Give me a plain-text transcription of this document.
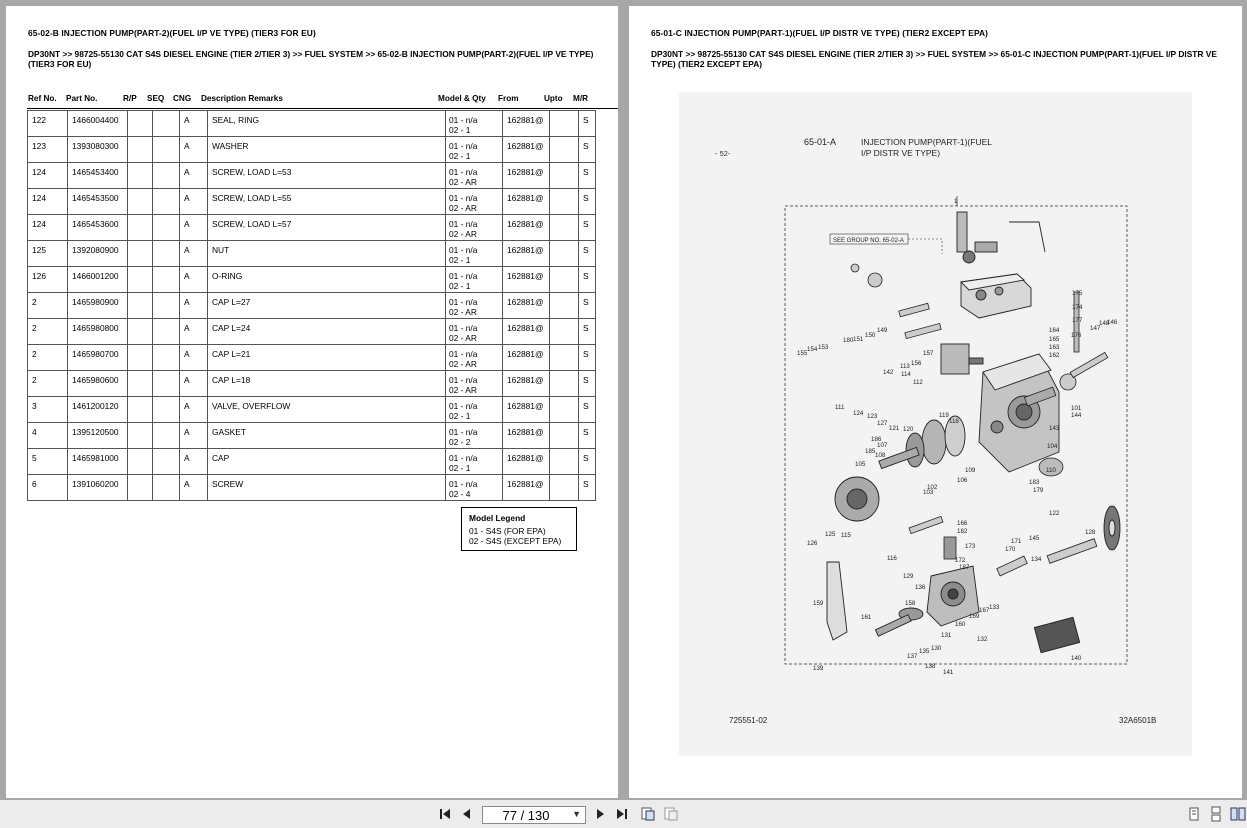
65-02-B INJECTION PUMP(PART-2)(FUEL I/P VE TYPE) (TIER3 FOR EU)
DP30NT >> 98725-55130 CAT S4S DIESEL ENGINE (TIER 2/TIER 3) >> FUEL SYSTEM >> 65-02-B INJECTION PUMP(PART-2)(FUEL I/P VE TYPE) (TIER3 FOR EU)
Ref No. Part No.	R/P SEQ CNG Description Remarks	Model & Qty From	Upto M/R
122	1466004400			A	SEAL, RING	01 - n/a
02 - 1	162881@		S
123	1393080300			A	WASHER	01 - n/a
02 - 1	162881@		S
124	1465453400			A	SCREW, LOAD L=53	01 - n/a
02 - AR	162881@		S
124	1465453500			A	SCREW, LOAD L=55	01 - n/a
02 - AR	162881@		S
124	1465453600			A	SCREW, LOAD L=57	01 - n/a
02 - AR	162881@		S
125	1392080900			A	NUT	01 - n/a
02 - 1	162881@		S
126	1466001200			A	O-RING	01 - n/a
02 - 1	162881@		S
2	1465980900			A	CAP L=27	01 - n/a
02 - AR	162881@		S
2	1465980800			A	CAP L=24	01 - n/a
02 - AR	162881@		S
2	1465980700			A	CAP L=21	01 - n/a
02 - AR	162881@		S
2	1465980600			A	CAP L=18	01 - n/a
02 - AR	162881@		S
3	1461200120			A	VALVE, OVERFLOW	01 - n/a
02 - 1	162881@		S
4	1395120500			A	GASKET	01 - n/a
02 - 2	162881@		S
5	1465981000			A	CAP	01 - n/a
02 - 1	162881@		S
6	1391060200			A	SCREW	01 - n/a
02 - 4	162881@		S
Model Legend
01 - S4S (FOR EPA)
02 - S4S (EXCEPT EPA)
65-01-C INJECTION PUMP(PART-1)(FUEL I/P DISTR VE TYPE) (TIER2 EXCEPT EPA)
DP30NT >> 98725-55130 CAT S4S DIESEL ENGINE (TIER 2/TIER 3) >> FUEL SYSTEM >> 65-01-C INJECTION PUMP(PART-1)(FUEL I/P DISTR VE TYPE) (TIER2 EXCEPT EPA)
- 52-
65-01-A	INJECTION PUMP(PART-1)(FUEL
I/P DISTR VE TYPE)
725551-02	32A6501B
SEE GROUP NO. 65-02-A
1
175
174
177
176
164
165
163
162
146
147
148
149
150
151
180
153
154
155
156
157
142 114
113
112
111
124 123
127
121 120
119
118
143
144
101
186
185
105
107
108
109
106
102
103
104
110
183
179
122
125
126
115
166
182
173
172
187
170
171 145
134
128
129
116
136
158
159
161
160
169
167 133
132
131
130
135
137
138
139
140
141
77 / 130	▼
